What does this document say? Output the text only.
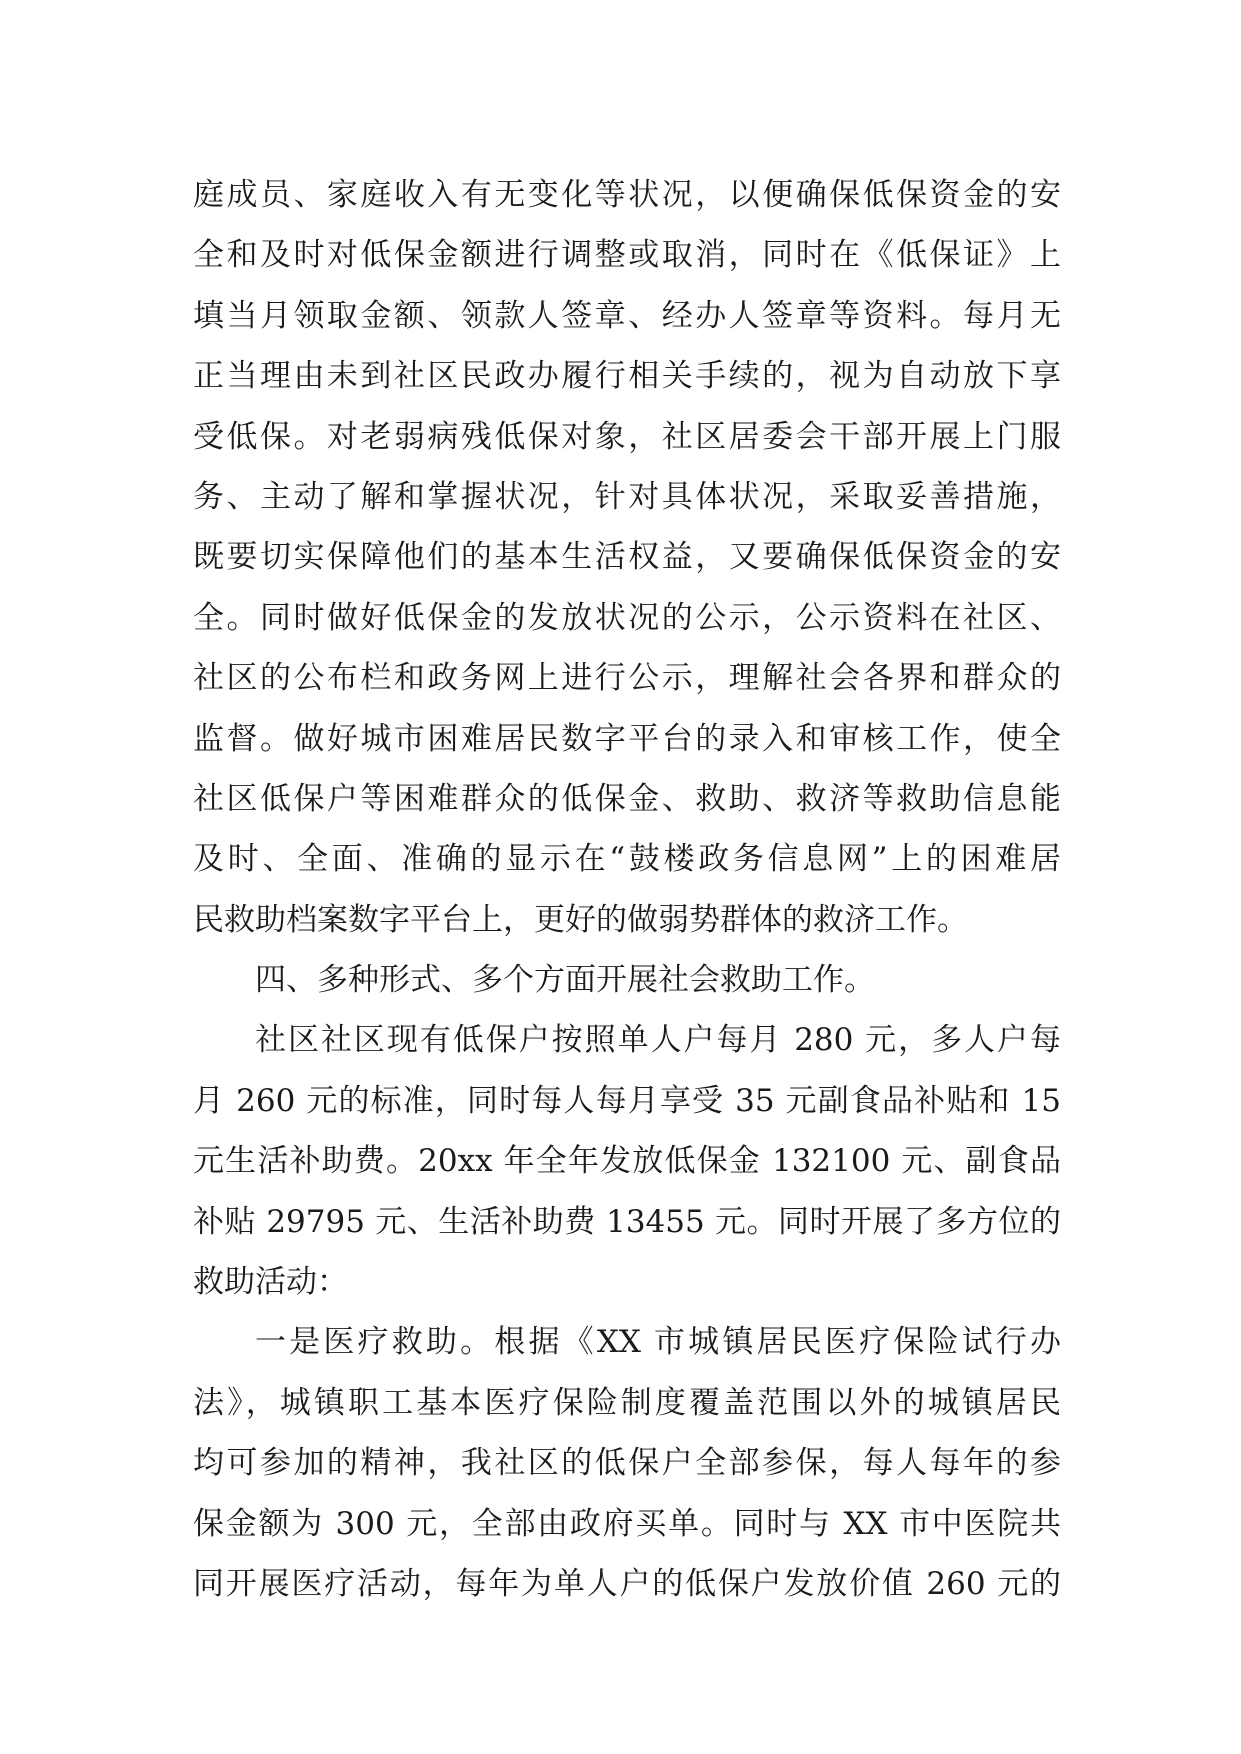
庭成员、家庭收入有无变化等状况，以便确保低保资金的安
全和及时对低保金额进行调整或取消，同时在《低保证》上
填当月领取金额、领款人签章、经办人签章等资料。每月无
正当理由未到社区民政办履行相关手续的，视为自动放下享
受低保。对老弱病残低保对象，社区居委会干部开展上门服
务、主动了解和掌握状况，针对具体状况，采取妥善措施，
既要切实保障他们的基本生活权益，又要确保低保资金的安
全。同时做好低保金的发放状况的公示，公示资料在社区、
社区的公布栏和政务网上进行公示，理解社会各界和群众的
监督。做好城市困难居民数字平台的录入和审核工作，使全
社区低保户等困难群众的低保金、救助、救济等救助信息能
及时、全面、准确的显示在“鼓楼政务信息网”上的困难居
民救助档案数字平台上，更好的做弱势群体的救济工作。
四、多种形式、多个方面开展社会救助工作。
社区社区现有低保户按照单人户每月 280 元，多人户每
月 260 元的标准，同时每人每月享受 35 元副食品补贴和 15
元生活补助费。20xx 年全年发放低保金 132100 元、副食品
补贴 29795 元、生活补助费 13455 元。同时开展了多方位的
救助活动：
一是医疗救助。根据《XX 市城镇居民医疗保险试行办
法》，城镇职工基本医疗保险制度覆盖范围以外的城镇居民
均可参加的精神，我社区的低保户全部参保，每人每年的参
保金额为 300 元，全部由政府买单。同时与 XX 市中医院共
同开展医疗活动，每年为单人户的低保户发放价值 260 元的
